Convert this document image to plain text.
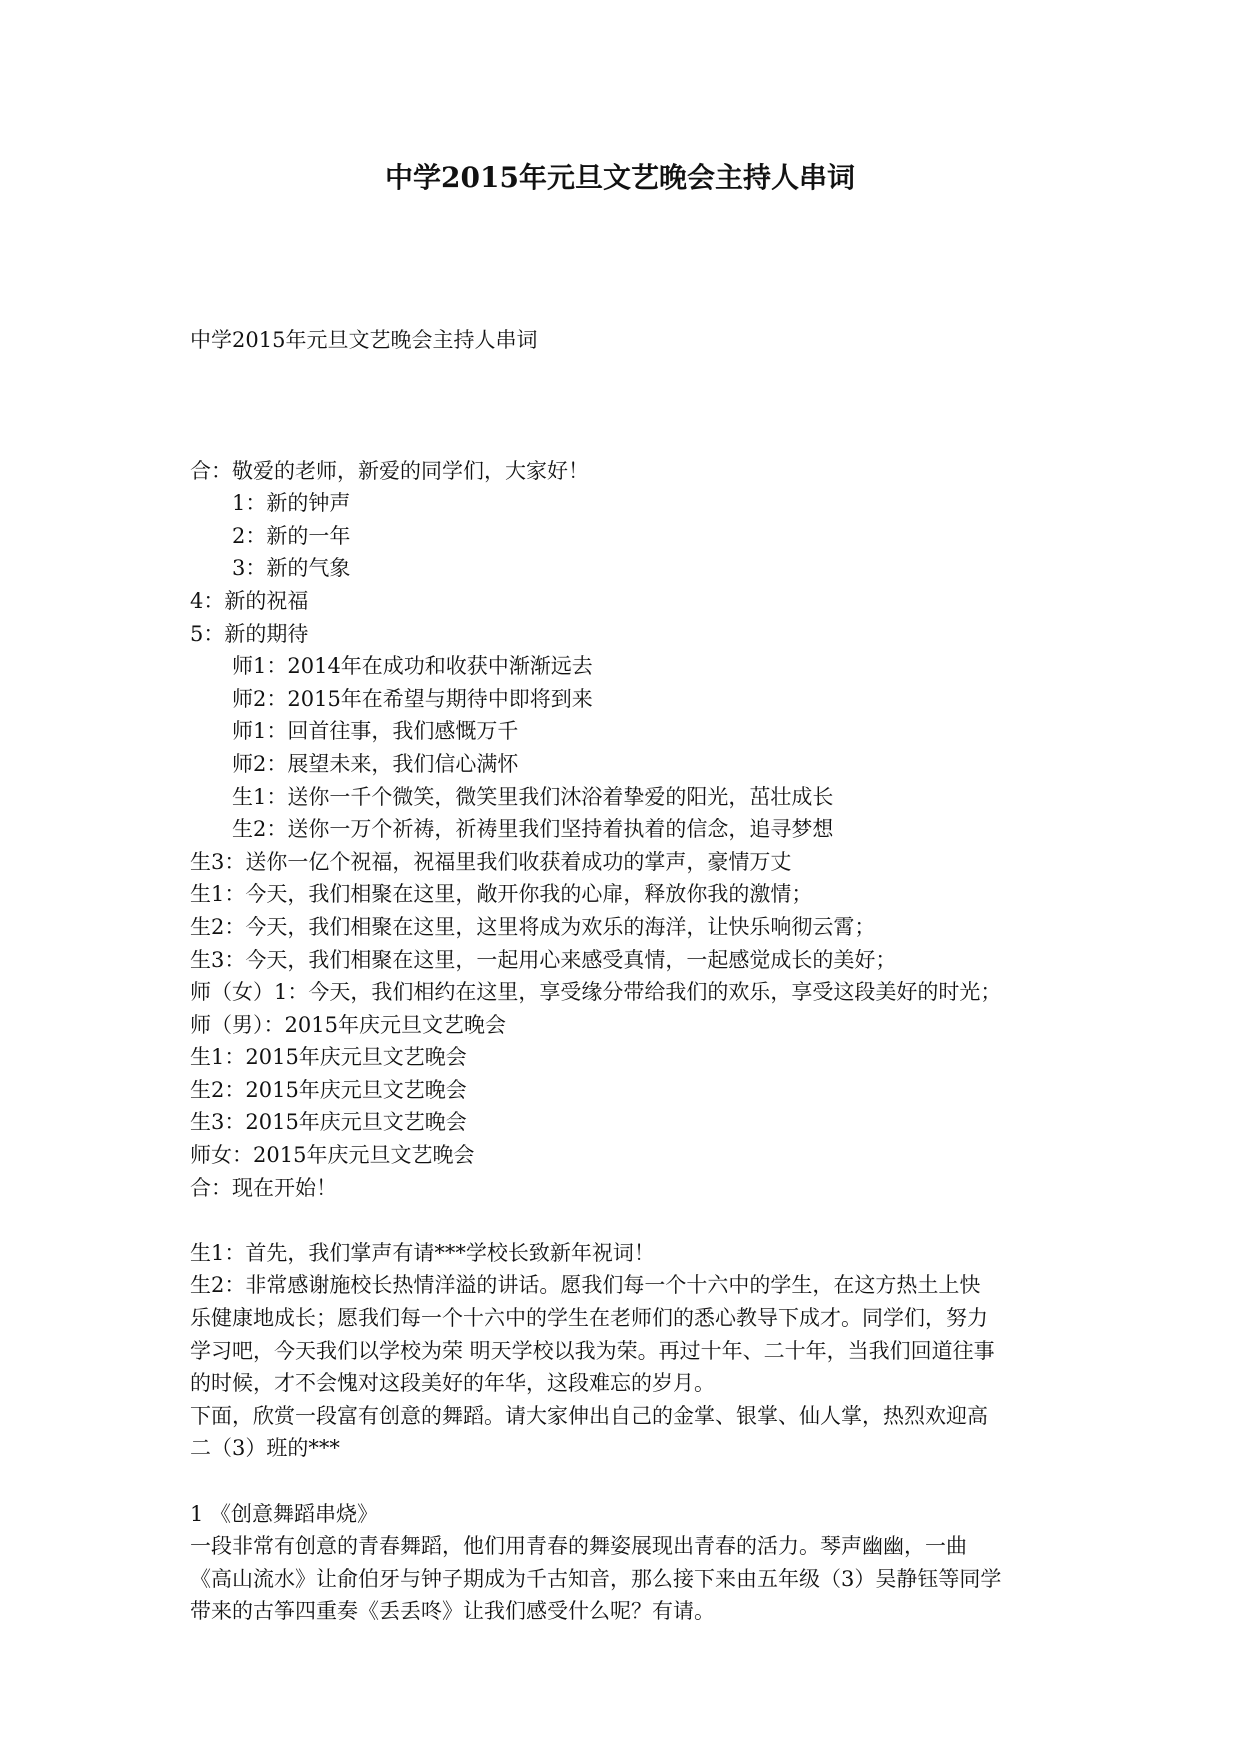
中学2015年元旦文艺晚会主持人串词

中学2015年元旦文艺晚会主持人串词

合：敬爱的老师，新爱的同学们，大家好！
1：新的钟声
2：新的一年
3：新的气象
4：新的祝福
5：新的期待
师1：2014年在成功和收获中渐渐远去
师2：2015年在希望与期待中即将到来
师1：回首往事，我们感慨万千
师2：展望未来，我们信心满怀
生1：送你一千个微笑，微笑里我们沐浴着挚爱的阳光，茁壮成长
生2：送你一万个祈祷，祈祷里我们坚持着执着的信念，追寻梦想
生3：送你一亿个祝福，祝福里我们收获着成功的掌声，豪情万丈
生1：今天，我们相聚在这里，敞开你我的心扉，释放你我的激情；
生2：今天，我们相聚在这里，这里将成为欢乐的海洋，让快乐响彻云霄；
生3：今天，我们相聚在这里，一起用心来感受真情，一起感觉成长的美好；
师（女）1：今天，我们相约在这里，享受缘分带给我们的欢乐，享受这段美好的时光；
师（男）：2015年庆元旦文艺晚会
生1：2015年庆元旦文艺晚会
生2：2015年庆元旦文艺晚会
生3：2015年庆元旦文艺晚会
师女：2015年庆元旦文艺晚会
合：现在开始！
生1：首先，我们掌声有请***学校长致新年祝词！
生2：非常感谢施校长热情洋溢的讲话。愿我们每一个十六中的学生，在这方热土上快
乐健康地成长；愿我们每一个十六中的学生在老师们的悉心教导下成才。同学们，努力
学习吧，今天我们以学校为荣 明天学校以我为荣。再过十年、二十年，当我们回道往事
的时候，才不会愧对这段美好的年华，这段难忘的岁月。
下面，欣赏一段富有创意的舞蹈。请大家伸出自己的金掌、银掌、仙人掌，热烈欢迎高
二（3）班的***
1 《创意舞蹈串烧》
一段非常有创意的青春舞蹈，他们用青春的舞姿展现出青春的活力。琴声幽幽，一曲
《高山流水》让俞伯牙与钟子期成为千古知音，那么接下来由五年级（3）吴静钰等同学
带来的古筝四重奏《丢丢咚》让我们感受什么呢？有请。
